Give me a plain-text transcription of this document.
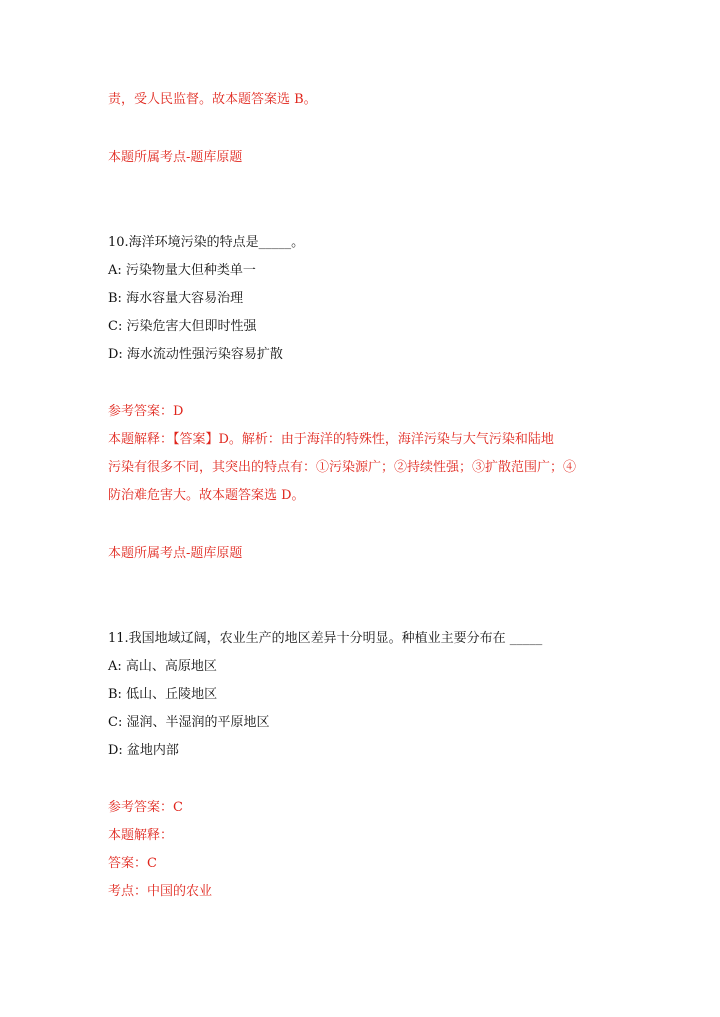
责，受人民监督。故本题答案选 B。
本题所属考点-题库原题
10.海洋环境污染的特点是_____。
A: 污染物量大但种类单一
B: 海水容量大容易治理
C: 污染危害大但即时性强
D: 海水流动性强污染容易扩散
参考答案：D
本题解释：【答案】D。解析：由于海洋的特殊性，海洋污染与大气污染和陆地
污染有很多不同，其突出的特点有：①污染源广；②持续性强；③扩散范围广；④
防治难危害大。故本题答案选 D。
本题所属考点-题库原题
11.我国地域辽阔，农业生产的地区差异十分明显。种植业主要分布在 _____
A: 高山、高原地区
B: 低山、丘陵地区
C: 湿润、半湿润的平原地区
D: 盆地内部
参考答案：C
本题解释：
答案：C
考点：中国的农业
